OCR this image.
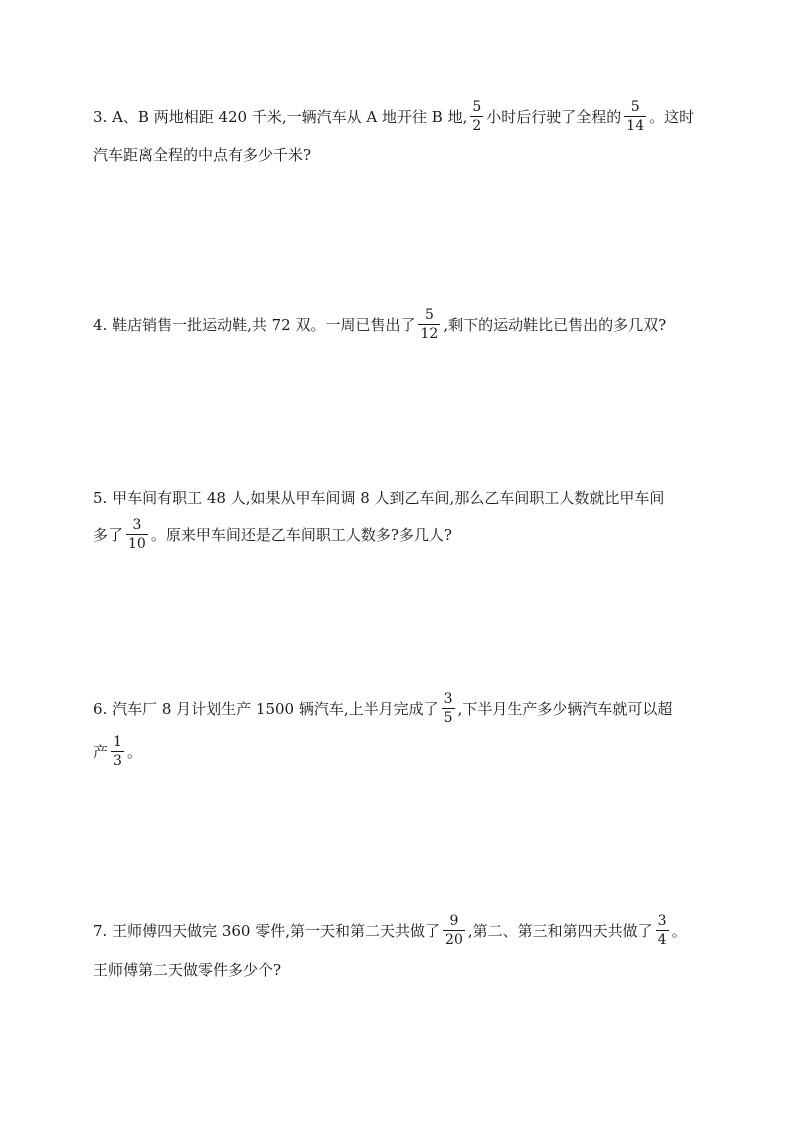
3. A、B 两地相距 420 千米,一辆汽车从 A 地开往 B 地, $\frac{5}{2}$ 小时后行驶了全程的 $\frac{5}{14}$ 。这时
汽车距离全程的中点有多少千米?
4. 鞋店销售一批运动鞋,共 72 双。一周已售出了 $\frac{5}{12}$ ,剩下的运动鞋比已售出的多几双?
5. 甲车间有职工 48 人,如果从甲车间调 8 人到乙车间,那么乙车间职工人数就比甲车间
多了 $\frac{3}{10}$ 。原来甲车间还是乙车间职工人数多?多几人?
6. 汽车厂 8 月计划生产 1500 辆汽车,上半月完成了 $\frac{3}{5}$ ,下半月生产多少辆汽车就可以超
产 $\frac{1}{3}$ 。
7. 王师傅四天做完 360 零件,第一天和第二天共做了 $\frac{9}{20}$ ,第二、第三和第四天共做了 $\frac{3}{4}$ 。
王师傅第二天做零件多少个?
